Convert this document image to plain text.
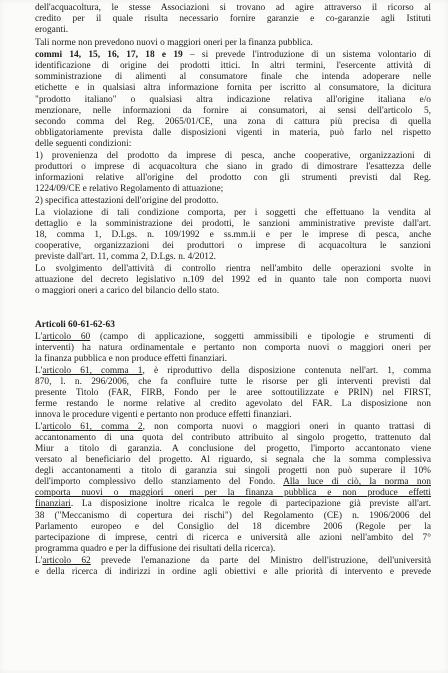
dell'acquacoltura, le stesse Associazioni si trovano ad agire attraverso il ricorso al
credito per il quale risulta necessario fornire garanzie e co-garanzie agli Istituti
eroganti.
Tali norme non prevedono nuovi o maggiori oneri per la finanza pubblica.
commi 14, 15, 16, 17, 18 e 19 – si prevede l'introduzione di un sistema volontario di
identificazione di origine dei prodotti ittici. In altri termini, l'esercente attività di
somministrazione di alimenti al consumatore finale che intenda adoperare nelle
etichette e in qualsiasi altra informazione fornita per iscritto al consumatore, la dicitura
"prodotto italiano" o qualsiasi altra indicazione relativa all'origine italiana e/o
menzionare, nelle informazioni da fornire ai consumatori, ai sensi dell'articolo 5,
secondo comma del Reg. 2065/01/CE, una zona di cattura più precisa di quella
obbligatoriamente prevista dalle disposizioni vigenti in materia, può farlo nel rispetto
delle seguenti condizioni:
1) provenienza del prodotto da imprese di pesca, anche cooperative, organizzazioni di
produttori o imprese di acquacoltura che siano in grado di dimostrare l'esattezza delle
informazioni relative all'origine del prodotto con gli strumenti previsti dal Reg.
1224/09/CE e relativo Regolamento di attuazione;
2) specifica attestazioni dell'origine del prodotto.
La violazione di tali condizione comporta, per i soggetti che effettuano la vendita al
dettaglio e la somministrazione dei prodotti, le sanzioni amministrative previste dall'art.
18, comma 1, D.Lgs. n. 109/1992 e ss.mm.ii e per le imprese di pesca, anche
cooperative, organizzazioni dei produttori o imprese di acquacoltura le sanzioni
previste dall'art. 11, comma 2, D.Lgs. n. 4/2012.
Lo svolgimento dell'attività di controllo rientra nell'ambito delle operazioni svolte in
attuazione del decreto legislativo n.109 del 1992 ed in quanto tale non comporta nuovi
o maggiori oneri a carico del bilancio dello stato.
Articoli 60-61-62-63
L'articolo 60 (campo di applicazione, soggetti ammissibili e tipologie e strumenti di
interventi) ha natura ordinamentale e pertanto non comporta nuovi o maggiori oneri per
la finanza pubblica e non produce effetti finanziari.
L'articolo 61, comma 1, è riproduttivo della disposizione contenuta nell'art. 1, comma
870, l. n. 296/2006, che fa confluire tutte le risorse per gli interventi previsti dal
presente Titolo (FAR, FIRB, Fondo per le aree sottoutilizzate e PRIN) nel FIRST,
ferme restando le norme relative al credito agevolato del FAR. La disposizione non
innova le procedure vigenti e pertanto non produce effetti finanziari.
L'articolo 61, comma 2, non comporta nuovi o maggiori oneri in quanto trattasi di
accantonamento di una quota del contributo attribuito al singolo progetto, trattenuto dal
Miur a titolo di garanzia. A conclusione del progetto, l'importo accantonato viene
versato al beneficiario del progetto. Al riguardo, si segnala che la somma complessiva
degli accantonamenti a titolo di garanzia sui singoli progetti non può superare il 10%
dell'importo complessivo dello stanziamento del Fondo. Alla luce di ciò, la norma non
comporta nuovi o maggiori oneri per la finanza pubblica e non produce effetti
finanziari. La disposizione inoltre ricalca le regole di partecipazione già previste all'art.
38 ("Meccanismo di copertura dei rischi") del Regolamento (CE) n. 1906/2006 del
Parlamento europeo e del Consiglio del 18 dicembre 2006 (Regole per la
partecipazione di imprese, centri di ricerca e università alle azioni nell'ambito del 7°
programma quadro e per la diffusione dei risultati della ricerca).
L'articolo 62 prevede l'emanazione da parte del Ministro dell'istruzione, dell'università
e della ricerca di indirizzi in ordine agli obiettivi e alle priorità di intervento e prevede
